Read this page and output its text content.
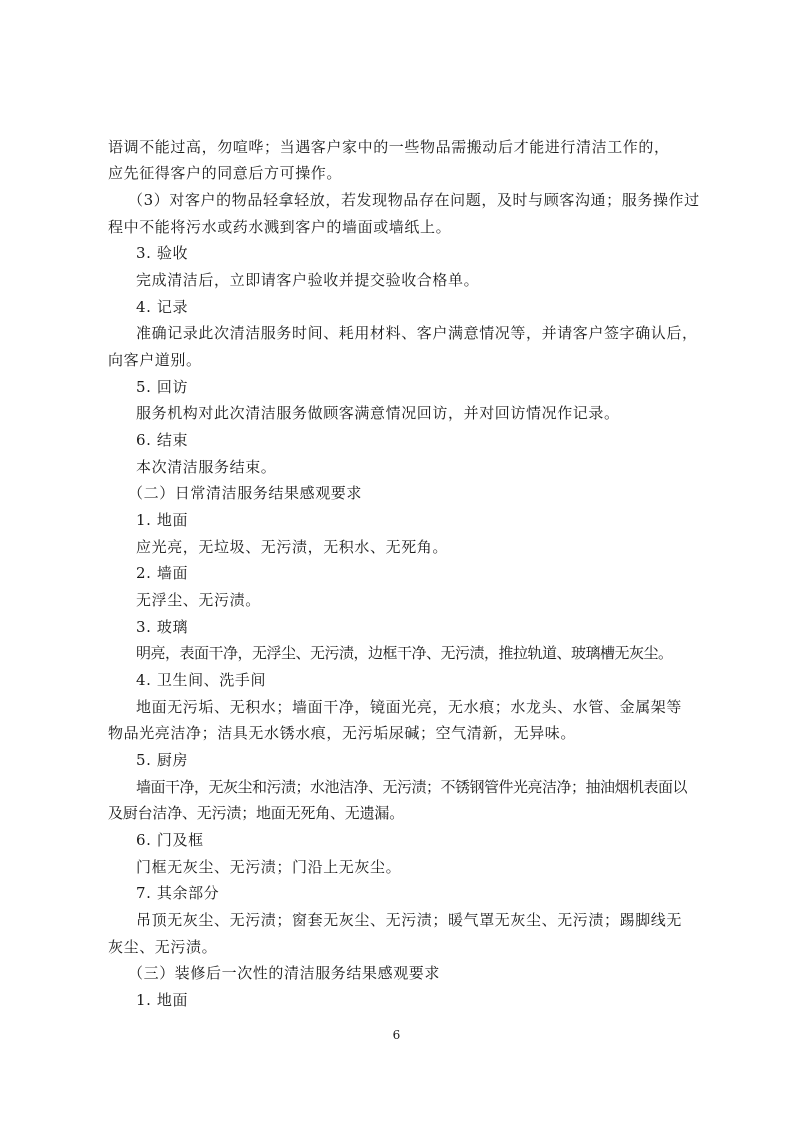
语调不能过高，勿喧哗；当遇客户家中的一些物品需搬动后才能进行清洁工作的，
应先征得客户的同意后方可操作。
（3）对客户的物品轻拿轻放，若发现物品存在问题，及时与顾客沟通；服务操作过
程中不能将污水或药水溅到客户的墙面或墙纸上。
3. 验收
完成清洁后，立即请客户验收并提交验收合格单。
4. 记录
准确记录此次清洁服务时间、耗用材料、客户满意情况等，并请客户签字确认后，
向客户道别。
5. 回访
服务机构对此次清洁服务做顾客满意情况回访，并对回访情况作记录。
6. 结束
本次清洁服务结束。
（二）日常清洁服务结果感观要求
1. 地面
应光亮，无垃圾、无污渍，无积水、无死角。
2. 墙面
无浮尘、无污渍。
3. 玻璃
明亮，表面干净，无浮尘、无污渍，边框干净、无污渍，推拉轨道、玻璃槽无灰尘。
4. 卫生间、洗手间
地面无污垢、无积水；墙面干净，镜面光亮，无水痕；水龙头、水管、金属架等
物品光亮洁净；洁具无水锈水痕，无污垢尿碱；空气清新，无异味。
5. 厨房
墙面干净，无灰尘和污渍；水池洁净、无污渍；不锈钢管件光亮洁净；抽油烟机表面以
及厨台洁净、无污渍；地面无死角、无遗漏。
6. 门及框
门框无灰尘、无污渍；门沿上无灰尘。
7. 其余部分
吊顶无灰尘、无污渍；窗套无灰尘、无污渍；暖气罩无灰尘、无污渍；踢脚线无
灰尘、无污渍。
（三）装修后一次性的清洁服务结果感观要求
1. 地面
6
